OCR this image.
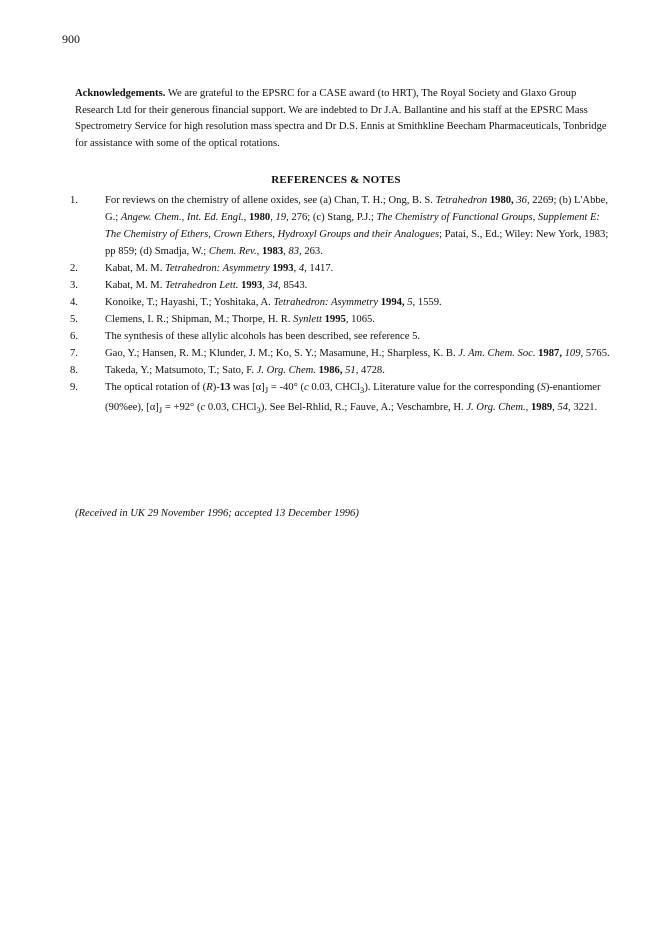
900

Acknowledgements. We are grateful to the EPSRC for a CASE award (to HRT), The Royal Society and Glaxo Group Research Ltd for their generous financial support. We are indebted to Dr J.A. Ballantine and his staff at the EPSRC Mass Spectrometry Service for high resolution mass spectra and Dr D.S. Ennis at Smithkline Beecham Pharmaceuticals, Tonbridge for assistance with some of the optical rotations.

REFERENCES & NOTES
1.	For reviews on the chemistry of allene oxides, see (a) Chan, T. H.; Ong, B. S. Tetrahedron 1980, 36, 2269; (b) L'Abbe, G.; Angew. Chem., Int. Ed. Engl., 1980, 19, 276; (c) Stang, P.J.; The Chemistry of Functional Groups, Supplement E: The Chemistry of Ethers, Crown Ethers, Hydroxyl Groups and their Analogues; Patai, S., Ed.; Wiley: New York, 1983; pp 859; (d) Smadja, W.; Chem. Rev., 1983, 83, 263.
2.	Kabat, M. M. Tetrahedron: Asymmetry 1993, 4, 1417.
3.	Kabat, M. M. Tetrahedron Lett. 1993, 34, 8543.
4.	Konoike, T.; Hayashi, T.; Yoshitaka, A. Tetrahedron: Asymmetry 1994, 5, 1559.
5.	Clemens, I. R.; Shipman, M.; Thorpe, H. R. Synlett 1995, 1065.
6.	The synthesis of these allylic alcohols has been described, see reference 5.
7.	Gao, Y.; Hansen, R. M.; Klunder, J. M.; Ko, S. Y.; Masamune, H.; Sharpless, K. B. J. Am. Chem. Soc. 1987, 109, 5765.
8.	Takeda, Y.; Matsumoto, T.; Sato, F. J. Org. Chem. 1986, 51, 4728.
9.	The optical rotation of (R)-13 was $[\alpha]_J = -40^\circ$ (c 0.03, CHCl$_3$). Literature value for the corresponding (S)-enantiomer (90%ee), $[\alpha]_J = +92^\circ$ (c 0.03, CHCl$_3$). See Bel-Rhlid, R.; Fauve, A.; Veschambre, H. J. Org. Chem., 1989, 54, 3221.

(Received in UK 29 November 1996; accepted 13 December 1996)
